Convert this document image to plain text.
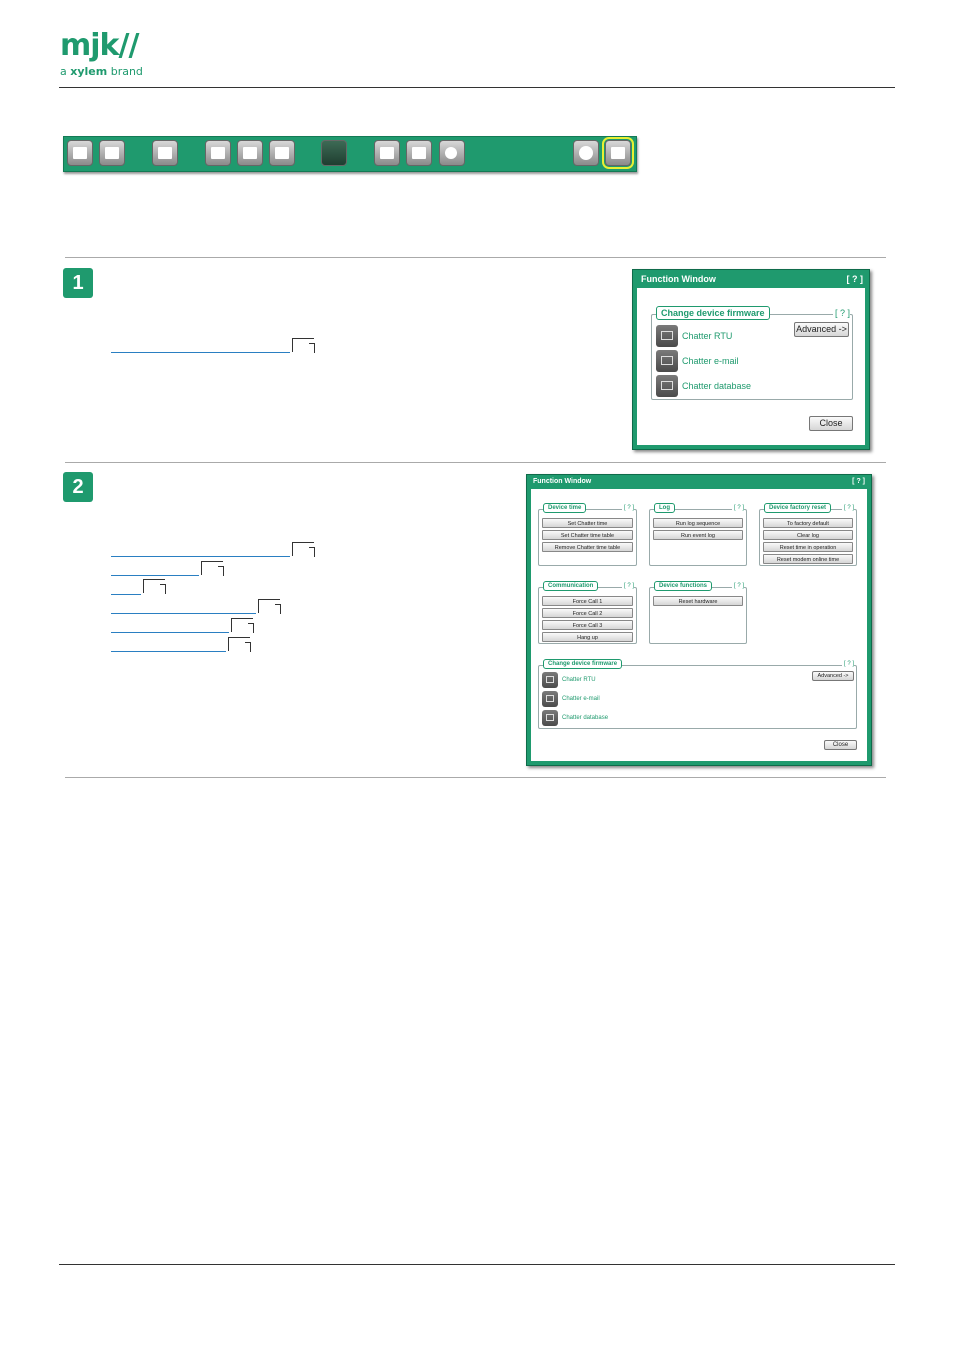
mjk//
a xylem brand
1	Function Window	[ ? ]
Change device firmware	[ ? ]
Advanced ->
Chatter RTU
Chatter e-mail
Chatter database
Close
2	Function Window	[ ? ]
Device time	[ ? ]
Set Chatter time
Set Chatter time table
Remove Chatter time table
Log	[ ? ]
Run log sequence
Run event log
Device factory reset	[ ? ]
To factory default
Clear log
Reset time in operation
Reset modem online time
Communication	[ ? ]
Force Call 1
Force Call 2
Force Call 3
Hang up
Device functions	[ ? ]
Reset hardware
Change device firmware	[ ? ]
Advanced ->
Chatter RTU
Chatter e-mail
Chatter database
Close
